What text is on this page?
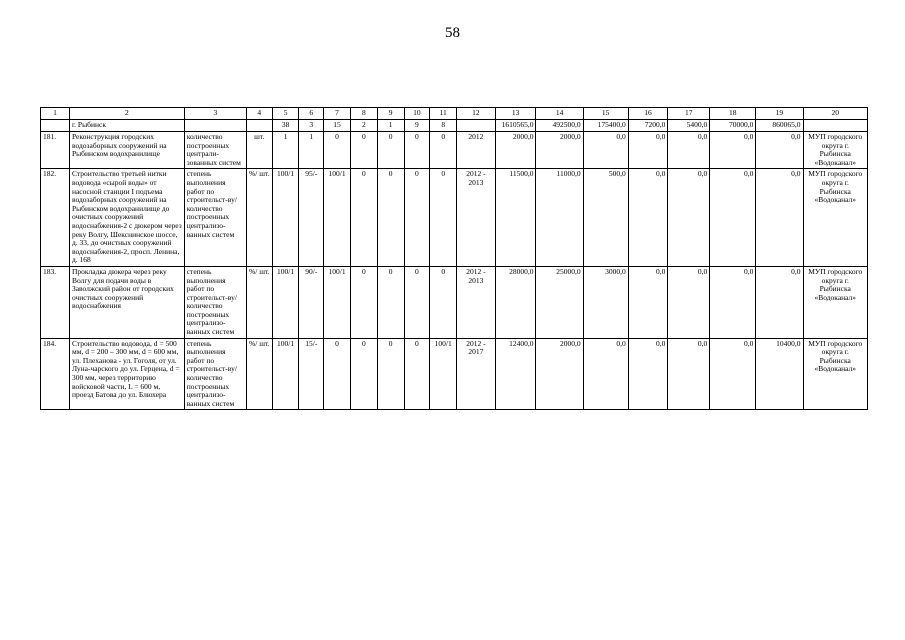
58
1	2	3	4	5	6	7	8	9	10	11	12	13	14	15	16	17	18	19	20
	г. Рыбинск			38	3	15	2	1	9	8		1610565,0	492500,0	175400,0	7200,0	5400,0	70000,0	860065,0	
181.	Реконструкция городских водозаборных сооружений на Рыбинском водохранилище	количество построенных централи-зованных систем	шт.	1	1	0	0	0	0	0	2012	2000,0	2000,0	0,0	0,0	0,0	0,0	0,0	МУП городского округа г. Рыбинска «Водоканал»
182.	Строительство третьей нитки водовода «сырой воды» от насосной станции I подъема водозаборных сооружений на Рыбинском водохранилище до очистных сооружений водоснабжения-2 с дюкером через реку Волгу, Шекснинское шоссе, д. 33, до очистных сооружений водоснабжения-2, просп. Ленина, д. 168	степень выполнения работ по строительст-ву/количество построенных централизо-ванных систем	%/ шт.	100/1	95/-	100/1	0	0	0	0	2012 - 2013	11500,0	11000,0	500,0	0,0	0,0	0,0	0,0	МУП городского округа г. Рыбинска «Водоканал»
183.	Прокладка дюкера через реку Волгу для подачи воды в Заволжский район от городских очистных сооружений водоснабжения	степень выполнения работ по строительст-ву/количество построенных централизо-ванных систем	%/ шт.	100/1	90/-	100/1	0	0	0	0	2012 - 2013	28000,0	25000,0	3000,0	0,0	0,0	0,0	0,0	МУП городского округа г. Рыбинска «Водоканал»
184.	Строительство водовода, d = 500 мм, d = 200 – 300 мм, d = 600 мм, ул. Плеханова - ул. Гоголя, от ул. Луна-чарского до ул. Герцена, d = 300 мм, через территорию войсковой части, L = 600 м, проезд Батова до ул. Блюхера	степень выполнения работ по строительст-ву/количество построенных централизо-ванных систем	%/ шт.	100/1	15/-	0	0	0	0	100/1	2012 - 2017	12400,0	2000,0	0,0	0,0	0,0	0,0	10400,0	МУП городского округа г. Рыбинска «Водоканал»
